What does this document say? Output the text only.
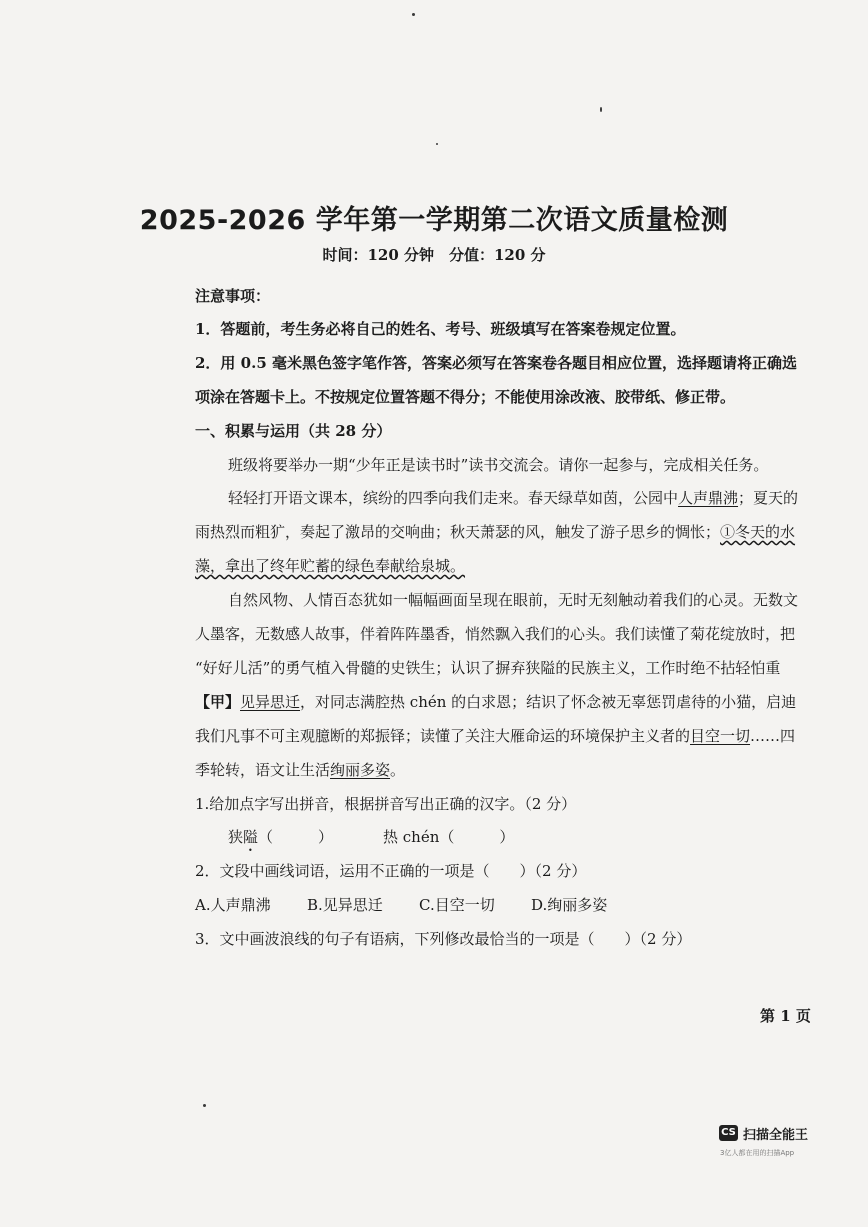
2025-2026 学年第一学期第二次语文质量检测
时间：120 分钟　分值：120 分
注意事项：
1．答题前，考生务必将自己的姓名、考号、班级填写在答案卷规定位置。
2．用 0.5 毫米黑色签字笔作答，答案必须写在答案卷各题目相应位置，选择题请将正确选
项涂在答题卡上。不按规定位置答题不得分；不能使用涂改液、胶带纸、修正带。
一、积累与运用（共 28 分）
班级将要举办一期“少年正是读书时”读书交流会。请你一起参与，完成相关任务。
轻轻打开语文课本，缤纷的四季向我们走来。春天绿草如茵，公园中人声鼎沸；夏天的
雨热烈而粗犷，奏起了激昂的交响曲；秋天萧瑟的风，触发了游子思乡的惆怅；①冬天的水
藻，拿出了终年贮蓄的绿色奉献给泉城。
自然风物、人情百态犹如一幅幅画面呈现在眼前，无时无刻触动着我们的心灵。无数文
人墨客，无数感人故事，伴着阵阵墨香，悄然飘入我们的心头。我们读懂了菊花绽放时，把
“好好儿活”的勇气植入骨髓的史铁生；认识了摒弃狭隘的民族主义，工作时绝不拈轻怕重
【甲】见异思迁，对同志满腔热 chén 的白求恩；结识了怀念被无辜惩罚虐待的小猫，启迪
我们凡事不可主观臆断的郑振铎；读懂了关注大雁命运的环境保护主义者的目空一切……四
季轮转，语文让生活绚丽多姿。
1.给加点字写出拼音，根据拼音写出正确的汉字。（2 分）
狭隘（　　　）	热 chén（　　　）
2．文段中画线词语，运用不正确的一项是（　　）（2 分）
A.人声鼎沸 B.见异思迁 C.目空一切 D.绚丽多姿
3．文中画波浪线的句子有语病，下列修改最恰当的一项是（　　）（2 分）
第 1 页
CS 扫描全能王
3亿人都在用的扫描App
